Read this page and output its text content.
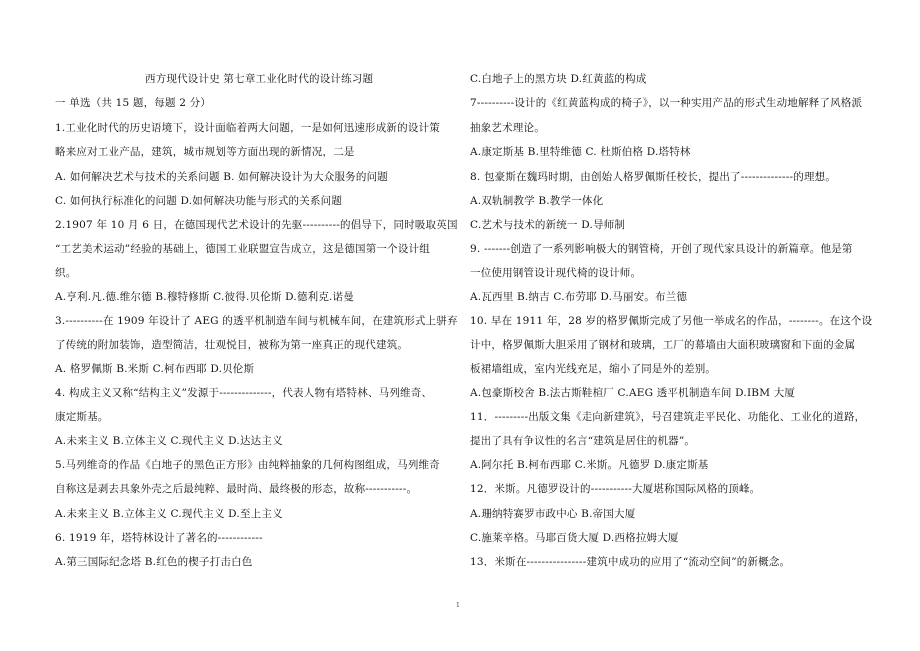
西方现代设计史 第七章工业化时代的设计练习题
一 单选（共 15 题，每题 2 分）
1.工业化时代的历史语境下，设计面临着两大问题，一是如何迅速形成新的设计策
略来应对工业产品，建筑，城市规划等方面出现的新情况，二是
A. 如何解决艺术与技术的关系问题 B. 如何解决设计为大众服务的问题
C. 如何执行标准化的问题 D.如何解决功能与形式的关系问题
2.1907 年 10 月 6 日，在德国现代艺术设计的先驱----------的倡导下，同时吸取英国
“工艺美术运动”经验的基础上，德国工业联盟宣告成立，这是德国第一个设计组
织。
A.亨利.凡.德.维尔德 B.穆特修斯 C.彼得.贝伦斯 D.德利克.诺曼
3.----------在 1909 年设计了 AEG 的透平机制造车间与机械车间，在建筑形式上骈弃
了传统的附加装饰，造型简洁，壮观悦目，被称为第一座真正的现代建筑。
A. 格罗佩斯 B.米斯 C.柯布西耶 D.贝伦斯
4. 构成主义又称“结构主义”发源于--------------，代表人物有塔特林、马列维奇、
康定斯基。
A.未来主义 B.立体主义 C.现代主义 D.达达主义
5.马列维奇的作品《白地子的黑色正方形》由纯粹抽象的几何构图组成，马列维奇
自称这是剥去具象外壳之后最纯粹、最时尚、最终极的形态，故称-----------。
A.未来主义 B.立体主义 C.现代主义 D.至上主义
6. 1919 年，塔特林设计了著名的------------
A.第三国际纪念塔 B.红色的楔子打击白色
C.白地子上的黑方块 D.红黄蓝的构成
7----------设计的《红黄蓝构成的椅子》，以一种实用产品的形式生动地解释了风格派
抽象艺术理论。
A.康定斯基 B.里特维德 C. 杜斯伯格 D.塔特林
8. 包豪斯在魏玛时期，由创始人格罗佩斯任校长，提出了--------------的理想。
A.双轨制教学 B.教学一体化
C.艺术与技术的新统一 D.导师制
9. -------创造了一系列影响极大的钢管椅，开创了现代家具设计的新篇章。他是第
一位使用钢管设计现代椅的设计师。
A.瓦西里 B.纳吉 C.布劳耶 D.马丽安。布兰德
10. 早在 1911 年，28 岁的格罗佩斯完成了另他一举成名的作品，--------。在这个设
计中，格罗佩斯大胆采用了钢材和玻璃，工厂的幕墙由大面积玻璃窗和下面的金属
板裙墙组成，室内光线充足，缩小了同是外的差别。
A.包豪斯校舍 B.法古斯鞋楦厂 C.AEG 透平机制造车间 D.IBM 大厦
11．---------出版文集《走向新建筑》，号召建筑走平民化、功能化、工业化的道路，
提出了具有争议性的名言“建筑是居住的机器”。
A.阿尔托 B.柯布西耶 C.米斯。凡德罗 D.康定斯基
12．米斯。凡德罗设计的-----------大厦堪称国际风格的顶峰。
A.珊纳特赛罗市政中心 B.帝国大厦
C.施莱辛格。马耶百货大厦 D.西格拉姆大厦
13．米斯在----------------建筑中成功的应用了“流动空间”的新概念。
1
